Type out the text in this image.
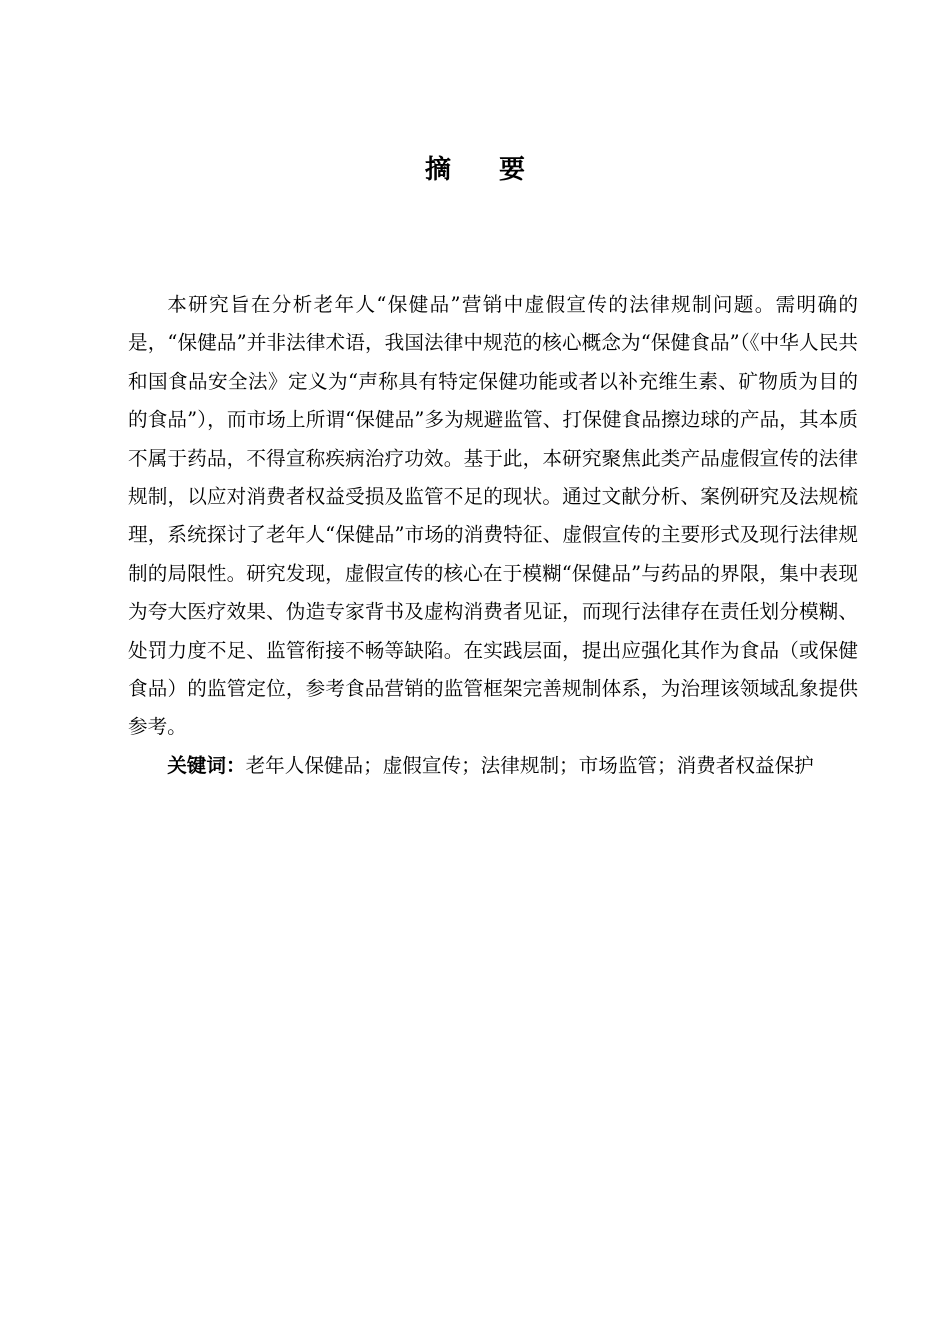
摘 要

本研究旨在分析老年人“保健品”营销中虚假宣传的法律规制问题。需明确的是，“保健品”并非法律术语，我国法律中规范的核心概念为“保健食品”（《中华人民共和国食品安全法》定义为“声称具有特定保健功能或者以补充维生素、矿物质为目的的食品”），而市场上所谓“保健品”多为规避监管、打保健食品擦边球的产品，其本质不属于药品，不得宣称疾病治疗功效。基于此，本研究聚焦此类产品虚假宣传的法律规制，以应对消费者权益受损及监管不足的现状。通过文献分析、案例研究及法规梳理，系统探讨了老年人“保健品”市场的消费特征、虚假宣传的主要形式及现行法律规制的局限性。研究发现，虚假宣传的核心在于模糊“保健品”与药品的界限，集中表现为夸大医疗效果、伪造专家背书及虚构消费者见证，而现行法律存在责任划分模糊、处罚力度不足、监管衔接不畅等缺陷。在实践层面，提出应强化其作为食品（或保健食品）的监管定位，参考食品营销的监管框架完善规制体系，为治理该领域乱象提供参考。

关键词：老年人保健品；虚假宣传；法律规制；市场监管；消费者权益保护
